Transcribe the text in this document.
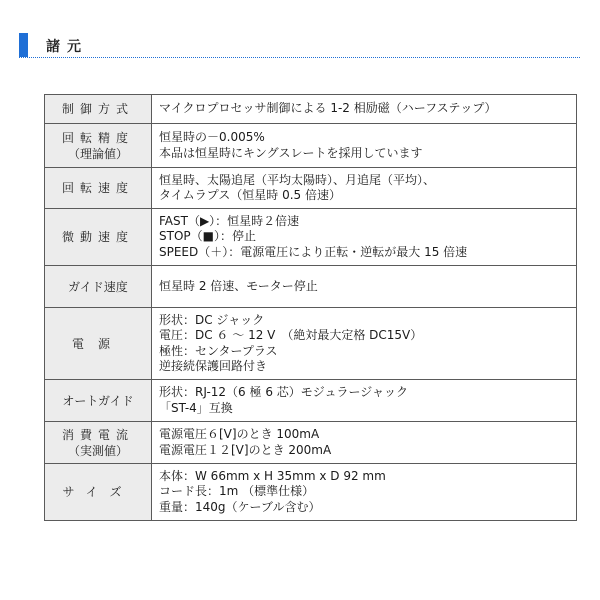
諸元
制御方式	マイクロプロセッサ制御による 1-2 相励磁（ハーフステップ）

回転精度
（理論値）	恒星時の－0.005%
本品は恒星時にキングスレートを採用しています

回転速度	恒星時、太陽追尾（平均太陽時）、月追尾（平均）、
タイムラプス（恒星時 0.5 倍速）

微動速度	FAST（▶）：恒星時２倍速
STOP（■）：停止
SPEED（＋）：電源電圧により正転・逆転が最大 15 倍速

ガイド速度	恒星時 2 倍速、モーター停止

電源	形状：DC ジャック
電圧：DC ６ ～ 12 V　（絶対最大定格 DC15V）
極性：センタープラス
逆接続保護回路付き

オートガイド	形状：RJ-12（6 極 6 芯）モジュラージャック
「ST-4」互換

消費電流
（実測値）	電源電圧６[V]のとき 100mA
電源電圧１２[V]のとき 200mA

サイズ	本体：W 66mm x H 35mm x D 92 mm
コード長：1m （標準仕様）
重量：140g（ケーブル含む）
